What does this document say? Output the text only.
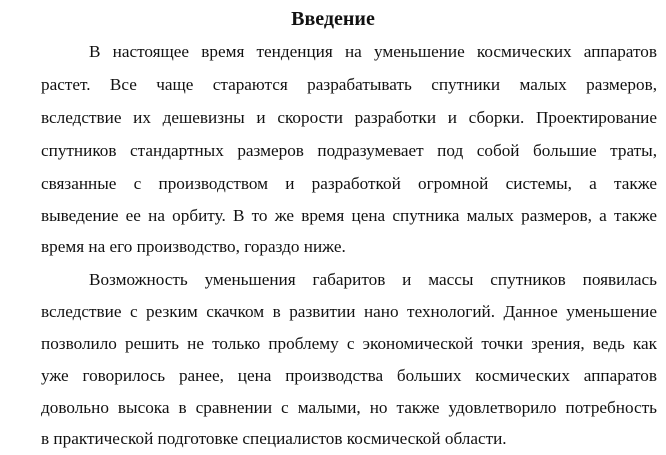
Введение
В настоящее время тенденция на уменьшение космических аппаратов
растет. Все чаще стараются разрабатывать спутники малых размеров,
вследствие их дешевизны и скорости разработки и сборки. Проектирование
спутников стандартных размеров подразумевает под собой большие траты,
связанные с производством и разработкой огромной системы, а также
выведение ее на орбиту. В то же время цена спутника малых размеров, а также
время на его производство, гораздо ниже.
Возможность уменьшения габаритов и массы спутников появилась
вследствие с резким скачком в развитии нано технологий. Данное уменьшение
позволило решить не только проблему с экономической точки зрения, ведь как
уже говорилось ранее, цена производства больших космических аппаратов
довольно высока в сравнении с малыми, но также удовлетворило потребность
в практической подготовке специалистов космической области.
